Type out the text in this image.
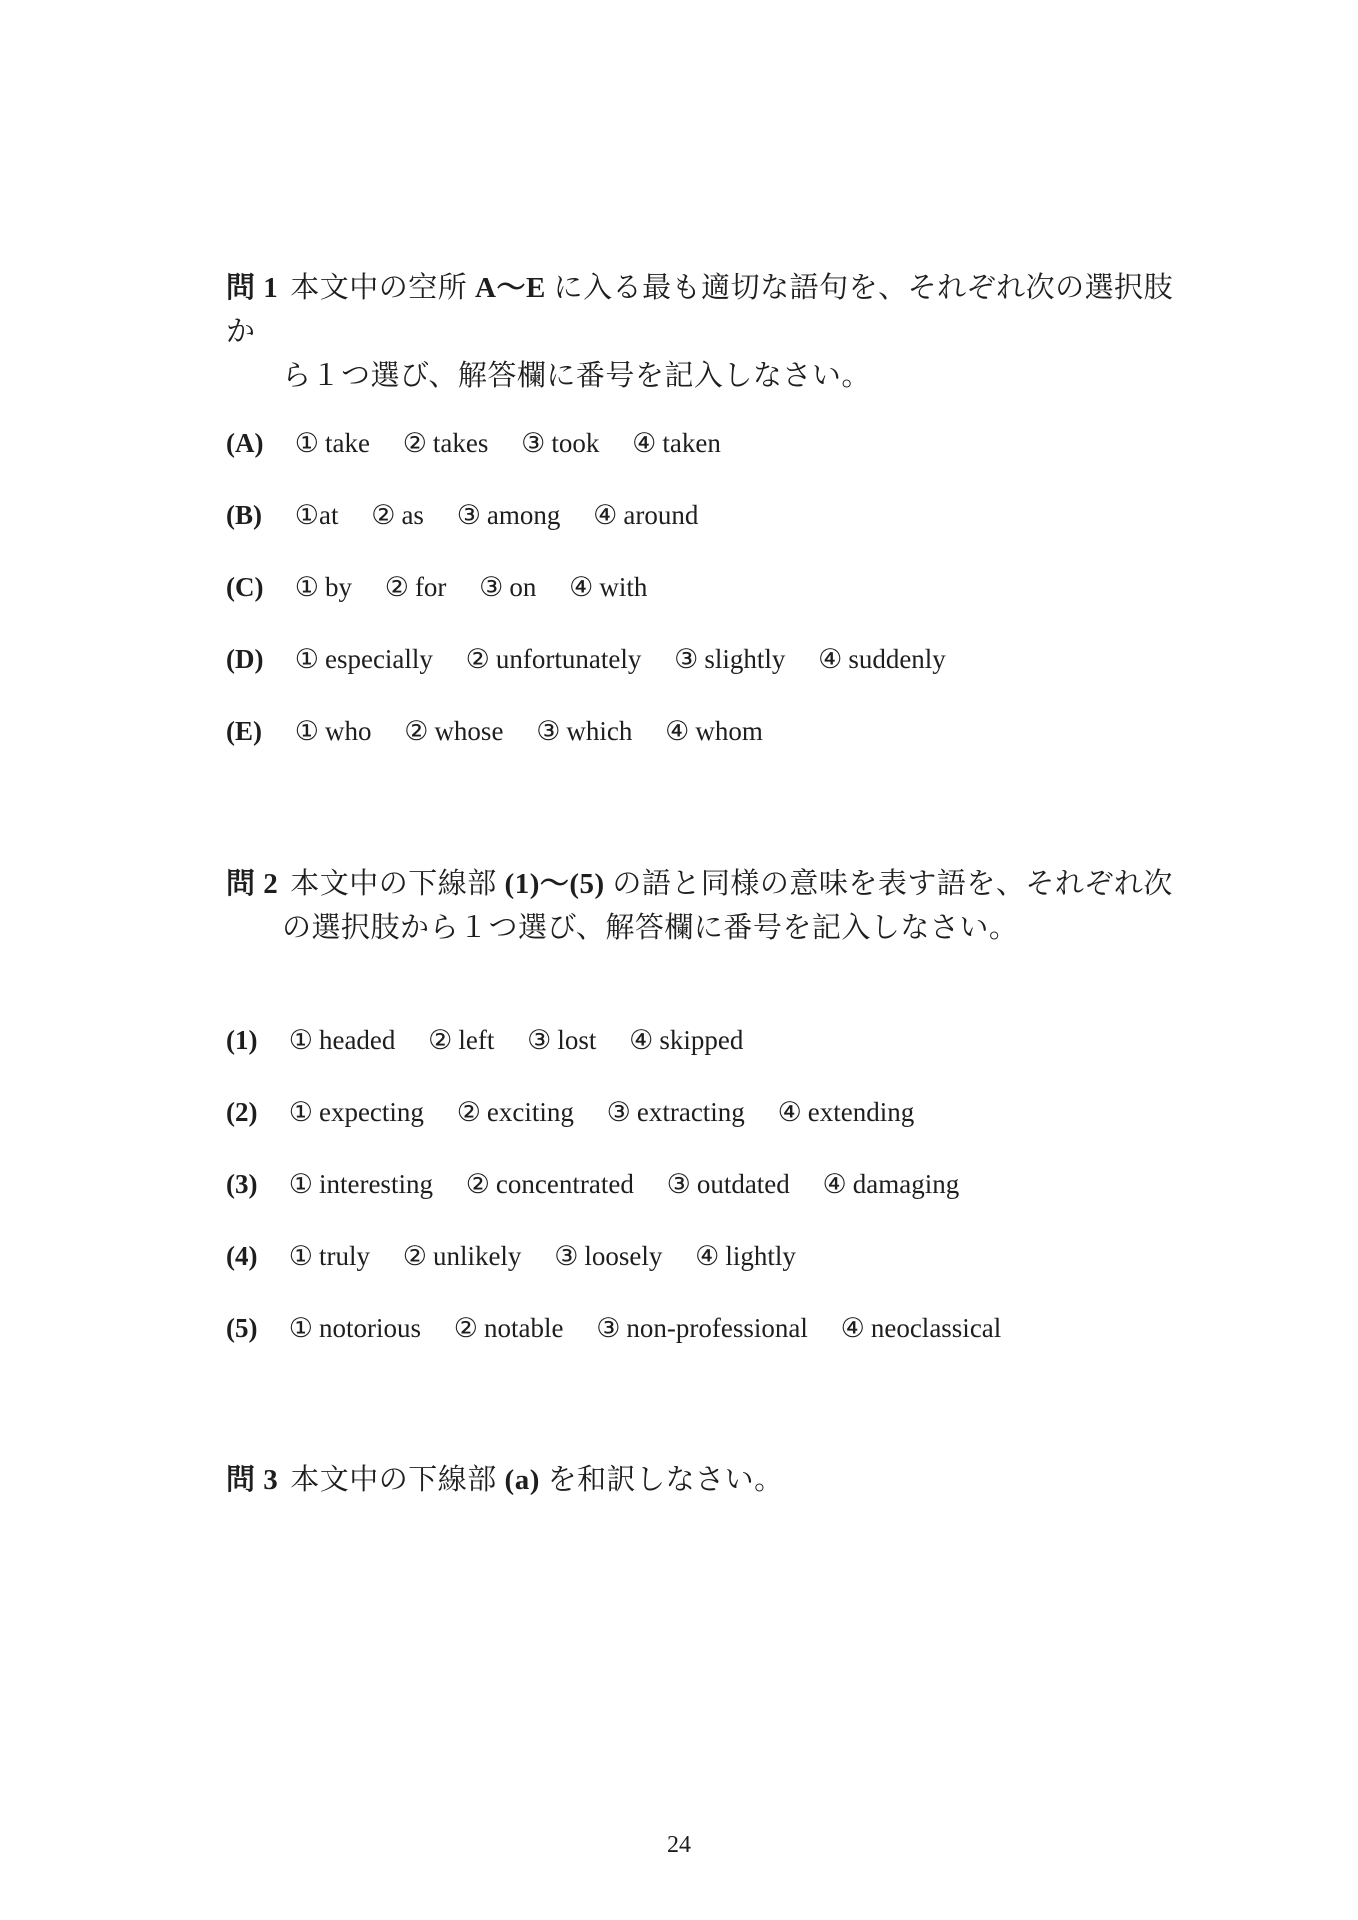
問 1 本文中の空所 A〜E に入る最も適切な語句を、それぞれ次の選択肢か
ら１つ選び、解答欄に番号を記入しなさい。
(A) ① take ② takes ③ took ④ taken
(B) ①at ② as ③ among ④ around
(C) ① by ② for ③ on ④ with
(D) ① especially ② unfortunately ③ slightly ④ suddenly
(E) ① who ② whose ③ which ④ whom
問 2 本文中の下線部 (1)〜(5) の語と同様の意味を表す語を、それぞれ次
の選択肢から１つ選び、解答欄に番号を記入しなさい。
(1) ① headed ② left ③ lost ④ skipped
(2) ① expecting ② exciting ③ extracting ④ extending
(3) ① interesting ② concentrated ③ outdated ④ damaging
(4) ① truly ② unlikely ③ loosely ④ lightly
(5) ① notorious ② notable ③ non-professional ④ neoclassical
問 3 本文中の下線部 (a) を和訳しなさい。
24
